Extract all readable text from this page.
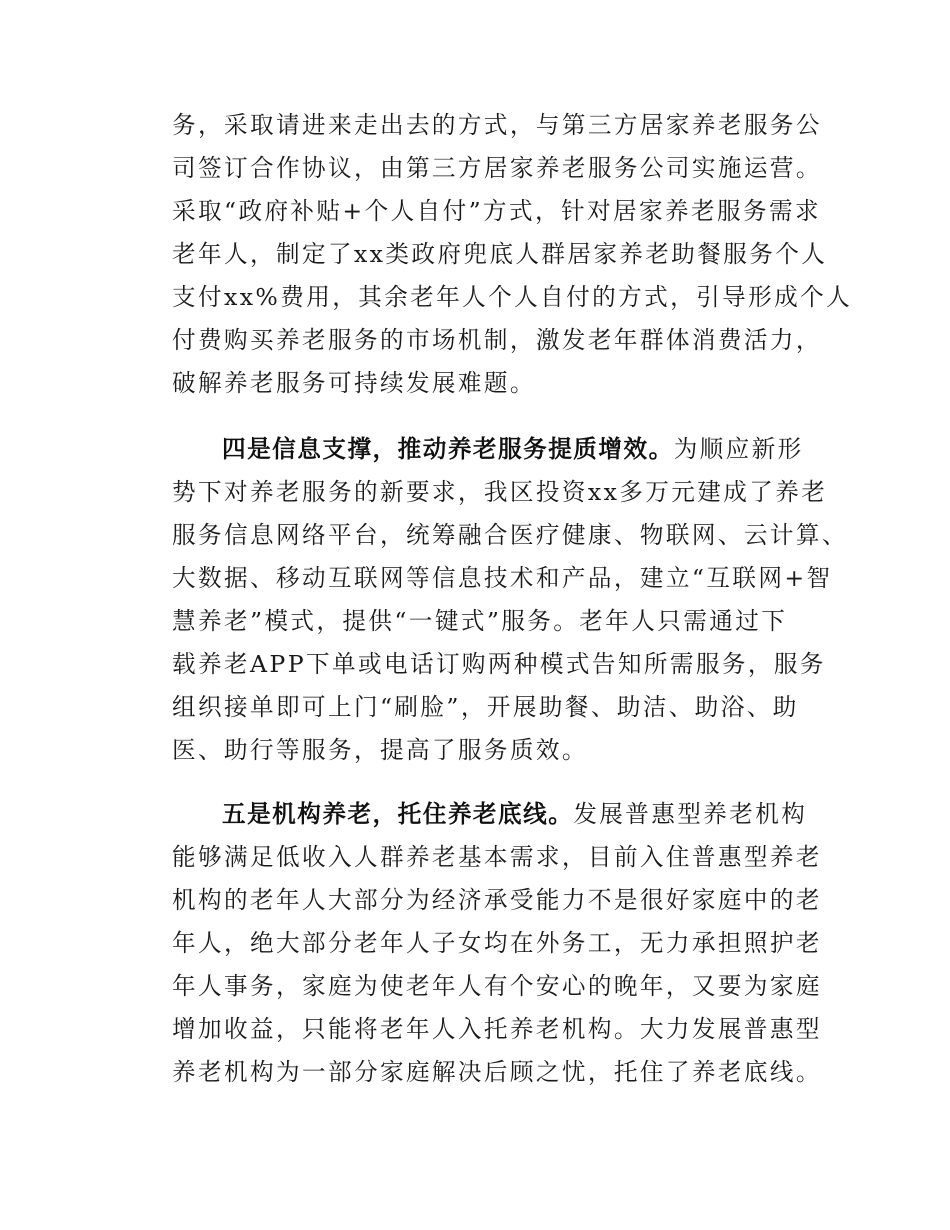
务，采取请进来走出去的方式，与第三方居家养老服务公
司签订合作协议，由第三方居家养老服务公司实施运营。
采取“政府补贴+个人自付”方式，针对居家养老服务需求
老年人，制定了xx类政府兜底人群居家养老助餐服务个人
支付xx%费用，其余老年人个人自付的方式，引导形成个人
付费购买养老服务的市场机制，激发老年群体消费活力，
破解养老服务可持续发展难题。
四是信息支撑，推动养老服务提质增效。为顺应新形
势下对养老服务的新要求，我区投资xx多万元建成了养老
服务信息网络平台，统筹融合医疗健康、物联网、云计算、
大数据、移动互联网等信息技术和产品，建立“互联网+智
慧养老”模式，提供“一键式”服务。老年人只需通过下
载养老APP下单或电话订购两种模式告知所需服务，服务
组织接单即可上门“刷脸”，开展助餐、助洁、助浴、助
医、助行等服务，提高了服务质效。
五是机构养老，托住养老底线。发展普惠型养老机构
能够满足低收入人群养老基本需求，目前入住普惠型养老
机构的老年人大部分为经济承受能力不是很好家庭中的老
年人，绝大部分老年人子女均在外务工，无力承担照护老
年人事务，家庭为使老年人有个安心的晚年，又要为家庭
增加收益，只能将老年人入托养老机构。大力发展普惠型
养老机构为一部分家庭解决后顾之忧，托住了养老底线。
